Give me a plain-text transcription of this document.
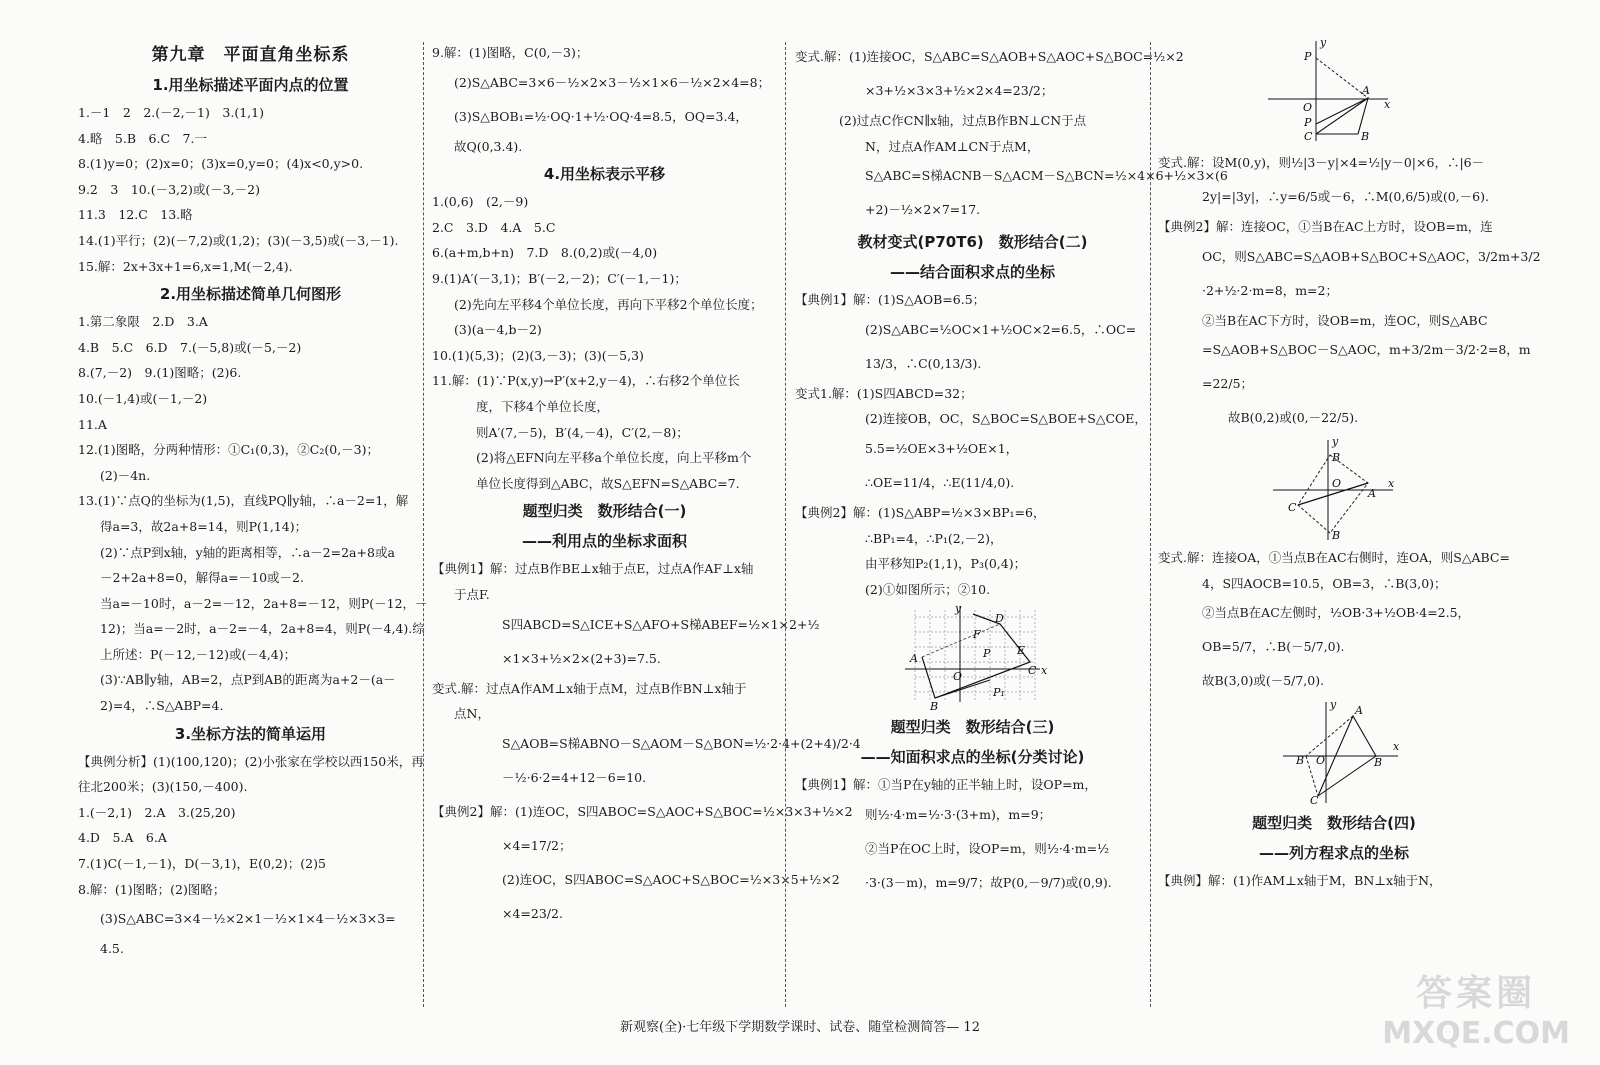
第九章　平面直角坐标系
1.用坐标描述平面内点的位置
1.－1　2　2.(－2,－1)　3.(1,1)
4.略　5.B　6.C　7.一
8.(1)y=0；(2)x=0；(3)x=0,y=0；(4)x<0,y>0.
9.2　3　10.(－3,2)或(－3,－2)
11.3　12.C　13.略
14.(1)平行；(2)(－7,2)或(1,2)；(3)(－3,5)或(－3,－1).
15.解：2x+3x+1=6,x=1,M(－2,4).
2.用坐标描述简单几何图形
1.第二象限　2.D　3.A
4.B　5.C　6.D　7.(－5,8)或(－5,－2)
8.(7,－2)　9.(1)图略；(2)6.
10.(－1,4)或(－1,－2)
11.A
12.(1)图略，分两种情形：①C₁(0,3)，②C₂(0,－3)；
(2)－4n.
13.(1)∵点Q的坐标为(1,5)，直线PQ∥y轴，∴a－2=1，解
得a=3，故2a+8=14，则P(1,14)；
(2)∵点P到x轴，y轴的距离相等，∴a－2=2a+8或a
－2+2a+8=0，解得a=－10或－2.
当a=－10时，a－2=－12，2a+8=－12，则P(－12，－
12)；当a=－2时，a－2=－4，2a+8=4，则P(－4,4).综
上所述：P(－12,－12)或(－4,4)；
(3)∵AB∥y轴，AB=2，点P到AB的距离为a+2－(a－
2)=4，∴S△ABP=4.
3.坐标方法的简单运用
【典例分析】(1)(100,120)；(2)小张家在学校以西150米，再
往北200米；(3)(150,－400).
1.(－2,1)　2.A　3.(25,20)
4.D　5.A　6.A
7.(1)C(－1,－1)，D(－3,1)，E(0,2)；(2)5
8.解：(1)图略；(2)图略；
(3)S△ABC=3×4－½×2×1－½×1×4－½×3×3=
4.5.
9.解：(1)图略，C(0,－3)；
(2)S△ABC=3×6－½×2×3－½×1×6－½×2×4=8；
(3)S△BOB₁=½·OQ·1+½·OQ·4=8.5，OQ=3.4，
故Q(0,3.4).
4.用坐标表示平移
1.(0,6)　(2,－9)
2.C　3.D　4.A　5.C
6.(a+m,b+n)　7.D　8.(0,2)或(－4,0)
9.(1)A′(－3,1)；B′(－2,－2)；C′(－1,－1)；
(2)先向左平移4个单位长度，再向下平移2个单位长度；
(3)(a－4,b－2)
10.(1)(5,3)；(2)(3,－3)；(3)(－5,3)
11.解：(1)∵P(x,y)→P′(x+2,y－4)，∴右移2个单位长
度，下移4个单位长度，
则A′(7,－5)，B′(4,－4)，C′(2,－8)；
(2)将△EFN向左平移a个单位长度，向上平移m个
单位长度得到△ABC，故S△EFN=S△ABC=7.
题型归类　数形结合(一)
——利用点的坐标求面积
【典例1】解：过点B作BE⊥x轴于点E，过点A作AF⊥x轴
于点F.
S四ABCD=S△ICE+S△AFO+S梯ABEF=½×1×2+½
×1×3+½×2×(2+3)=7.5.
变式.解：过点A作AM⊥x轴于点M，过点B作BN⊥x轴于
点N，
S△AOB=S梯ABNO－S△AOM－S△BON=½·2·4+(2+4)/2·4
－½·6·2=4+12－6=10.
【典例2】解：(1)连OC，S四ABOC=S△AOC+S△BOC=½×3×3+½×2
×4=17/2；
(2)连OC，S四ABOC=S△AOC+S△BOC=½×3×5+½×2
×4=23/2.
变式.解：(1)连接OC，S△ABC=S△AOB+S△AOC+S△BOC=½×2
×3+½×3×3+½×2×4=23/2；
(2)过点C作CN∥x轴，过点B作BN⊥CN于点
N，过点A作AM⊥CN于点M，
S△ABC=S梯ACNB－S△ACM－S△BCN=½×4×6+½×3×(6
+2)－½×2×7=17.
教材变式(P70T6)　数形结合(二)
——结合面积求点的坐标
【典例1】解：(1)S△AOB=6.5；
(2)S△ABC=½OC×1+½OC×2=6.5，∴OC=
13/3，∴C(0,13/3).
变式1.解：(1)S四ABCD=32；
(2)连接OB，OC，S△BOC=S△BOE+S△COE，
5.5=½OE×3+½OE×1，
∴OE=11/4，∴E(11/4,0).
【典例2】解：(1)S△ABP=½×3×BP₁=6，
∴BP₁=4，∴P₁(2,－2)，
由平移知P₂(1,1)，P₃(0,4)；
(2)①如图所示；②10.
y
D
F
E
A
O
P
C x
B
P₁
题型归类　数形结合(三)
——知面积求点的坐标(分类讨论)
【典例1】解：①当P在y轴的正半轴上时，设OP=m，
则½·4·m=½·3·(3+m)，m=9；
②当P在OC上时，设OP=m，则½·4·m=½
·3·(3－m)，m=9/7；故P(0,－9/7)或(0,9).
y
P
O
A
x
P
C	B
变式.解：设M(0,y)，则½|3－y|×4=½|y－0|×6，∴|6－
2y|=|3y|，∴y=6/5或－6，∴M(0,6/5)或(0,－6).
【典例2】解：连接OC，①当B在AC上方时，设OB=m，连
OC，则S△ABC=S△AOB+S△BOC+S△AOC，3/2m+3/2
·2+½·2·m=8，m=2；
②当B在AC下方时，设OB=m，连OC，则S△ABC
=S△AOB+S△BOC－S△AOC，m+3/2m－3/2·2=8，m
=22/5；
故B(0,2)或(0,－22/5).
y
B
O
A
x
C
B
变式.解：连接OA，①当点B在AC右侧时，连OA，则S△ABC=
4，S四AOCB=10.5，OB=3，∴B(3,0)；
②当点B在AC左侧时，½OB·3+½OB·4=2.5，
OB=5/7，∴B(－5/7,0).
故B(3,0)或(－5/7,0).
y A
B O	B
x
C
题型归类　数形结合(四)
——列方程求点的坐标
【典例】解：(1)作AM⊥x轴于M，BN⊥x轴于N，
新观察(全)·七年级下学期数学课时、试卷、随堂检测简答— 12
答案圈
MXQE.COM
